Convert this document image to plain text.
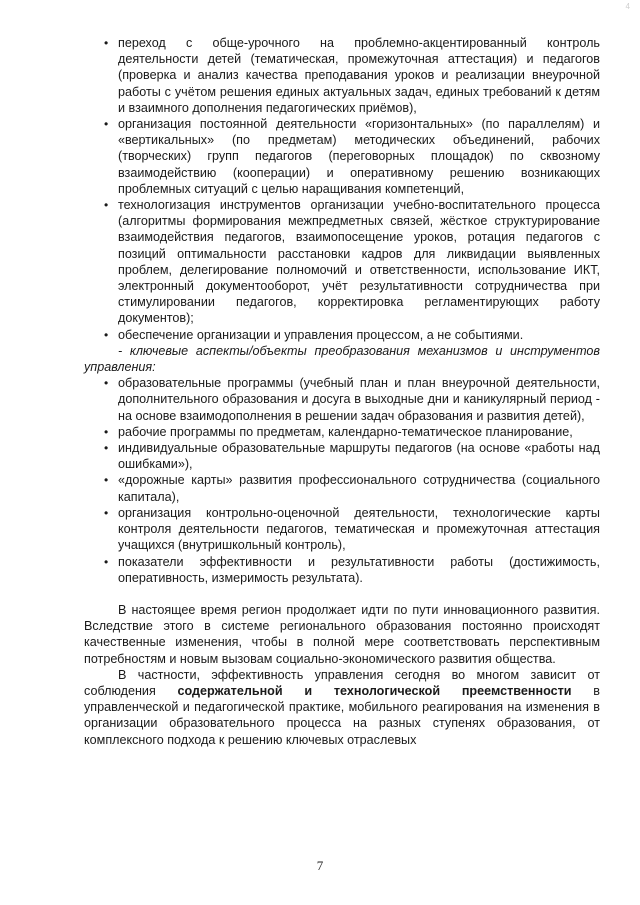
4
• переход с обще-урочного на проблемно-акцентированный контроль деятельности детей (тематическая, промежуточная аттестация) и педагогов (проверка и анализ качества преподавания уроков и реализации внеурочной работы с учётом решения единых актуальных задач, единых требований к детям и взаимного дополнения педагогических приёмов),
• организация постоянной деятельности «горизонтальных» (по параллелям) и «вертикальных» (по предметам) методических объединений, рабочих (творческих) групп педагогов (переговорных площадок) по сквозному взаимодействию (кооперации) и оперативному решению возникающих проблемных ситуаций с целью наращивания компетенций,
• технологизация инструментов организации учебно-воспитательного процесса (алгоритмы формирования межпредметных связей, жёсткое структурирование взаимодействия педагогов, взаимопосещение уроков, ротация педагогов с позиций оптимальности расстановки кадров для ликвидации выявленных проблем, делегирование полномочий и ответственности, использование ИКТ, электронный документооборот, учёт результативности сотрудничества при стимулировании педагогов, корректировка регламентирующих работу документов);
• обеспечение организации и управления процессом, а не событиями.

- ключевые аспекты/объекты преобразования механизмов и инструментов управления:

• образовательные программы (учебный план и план внеурочной деятельности, дополнительного образования и досуга в выходные дни и каникулярный период - на основе взаимодополнения в решении задач образования и развития детей),
• рабочие программы по предметам, календарно-тематическое планирование,
• индивидуальные образовательные маршруты педагогов (на основе «работы над ошибками»),
• «дорожные карты» развития профессионального сотрудничества (социального капитала),
• организация контрольно-оценочной деятельности, технологические карты контроля деятельности педагогов, тематическая и промежуточная аттестация учащихся (внутришкольный контроль),
• показатели эффективности и результативности работы (достижимость, оперативность, измеримость результата).

В настоящее время регион продолжает идти по пути инновационного развития. Вследствие этого в системе регионального образования постоянно происходят качественные изменения, чтобы в полной мере соответствовать перспективным потребностям и новым вызовам социально-экономического развития общества.

В частности, эффективность управления сегодня во многом зависит от соблюдения содержательной и технологической преемственности в управленческой и педагогической практике, мобильного реагирования на изменения в организации образовательного процесса на разных ступенях образования, от комплексного подхода к решению ключевых отраслевых

7
